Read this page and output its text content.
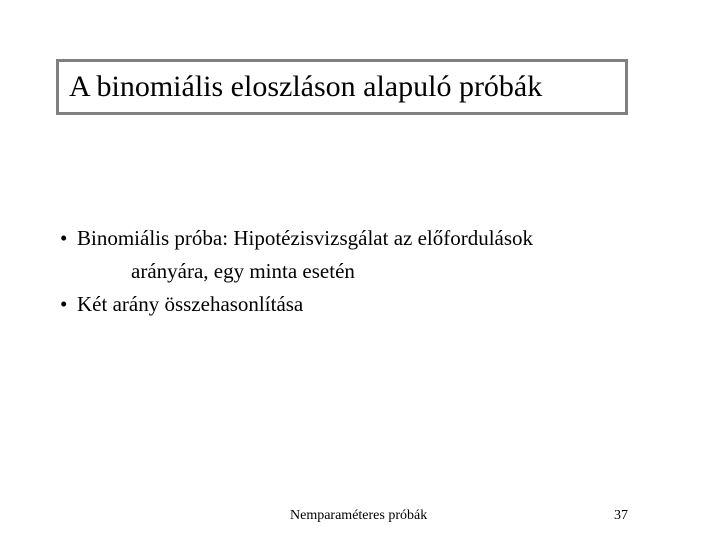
A binomiális eloszláson alapuló próbák
• Binomiális próba: Hipotézisvizsgálat az előfordulások
arányára, egy minta esetén
• Két arány összehasonlítása
Nemparaméteres próbák	37
